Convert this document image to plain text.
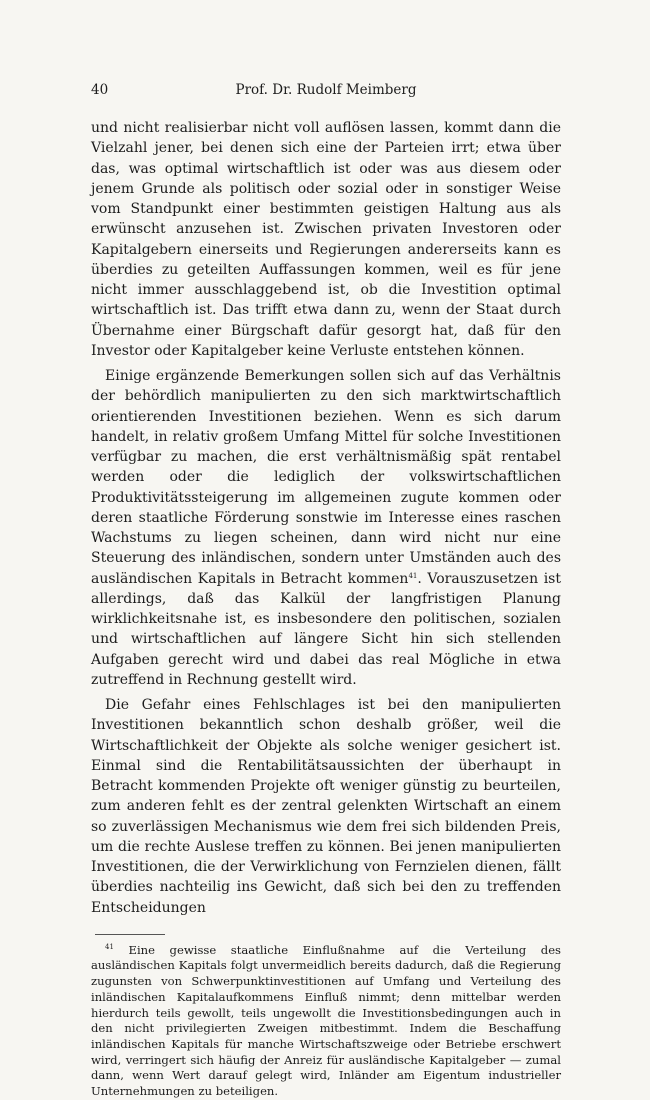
40	Prof. Dr. Rudolf Meimberg

und nicht realisierbar nicht voll auflösen lassen, kommt dann die Vielzahl jener, bei denen sich eine der Parteien irrt; etwa über das, was optimal wirtschaftlich ist oder was aus diesem oder jenem Grunde als politisch oder sozial oder in sonstiger Weise vom Standpunkt einer bestimmten geistigen Haltung aus als erwünscht anzusehen ist. Zwischen privaten Investoren oder Kapitalgebern einerseits und Regierungen andererseits kann es überdies zu geteilten Auffassungen kommen, weil es für jene nicht immer ausschlaggebend ist, ob die Investition optimal wirtschaftlich ist. Das trifft etwa dann zu, wenn der Staat durch Übernahme einer Bürgschaft dafür gesorgt hat, daß für den Investor oder Kapitalgeber keine Verluste entstehen können.

Einige ergänzende Bemerkungen sollen sich auf das Verhältnis der behördlich manipulierten zu den sich marktwirtschaftlich orientierenden Investitionen beziehen. Wenn es sich darum handelt, in relativ großem Umfang Mittel für solche Investitionen verfügbar zu machen, die erst verhältnismäßig spät rentabel werden oder die lediglich der volkswirtschaftlichen Produktivitätssteigerung im allgemeinen zugute kommen oder deren staatliche Förderung sonstwie im Interesse eines raschen Wachstums zu liegen scheinen, dann wird nicht nur eine Steuerung des inländischen, sondern unter Umständen auch des ausländischen Kapitals in Betracht kommen$^{41}$. Vorauszusetzen ist allerdings, daß das Kalkül der langfristigen Planung wirklichkeitsnahe ist, es insbesondere den politischen, sozialen und wirtschaftlichen auf längere Sicht hin sich stellenden Aufgaben gerecht wird und dabei das real Mögliche in etwa zutreffend in Rechnung gestellt wird.

Die Gefahr eines Fehlschlages ist bei den manipulierten Investitionen bekanntlich schon deshalb größer, weil die Wirtschaftlichkeit der Objekte als solche weniger gesichert ist. Einmal sind die Rentabilitätsaussichten der überhaupt in Betracht kommenden Projekte oft weniger günstig zu beurteilen, zum anderen fehlt es der zentral gelenkten Wirtschaft an einem so zuverlässigen Mechanismus wie dem frei sich bildenden Preis, um die rechte Auslese treffen zu können. Bei jenen manipulierten Investitionen, die der Verwirklichung von Fernzielen dienen, fällt überdies nachteilig ins Gewicht, daß sich bei den zu treffenden Entscheidungen

$^{41}$ Eine gewisse staatliche Einflußnahme auf die Verteilung des ausländischen Kapitals folgt unvermeidlich bereits dadurch, daß die Regierung zugunsten von Schwerpunktinvestitionen auf Umfang und Verteilung des inländischen Kapitalaufkommens Einfluß nimmt; denn mittelbar werden hierdurch teils gewollt, teils ungewollt die Investitionsbedingungen auch in den nicht privilegierten Zweigen mitbestimmt. Indem die Beschaffung inländischen Kapitals für manche Wirtschaftszweige oder Betriebe erschwert wird, verringert sich häufig der Anreiz für ausländische Kapitalgeber — zumal dann, wenn Wert darauf gelegt wird, Inländer am Eigentum industrieller Unternehmungen zu beteiligen.
